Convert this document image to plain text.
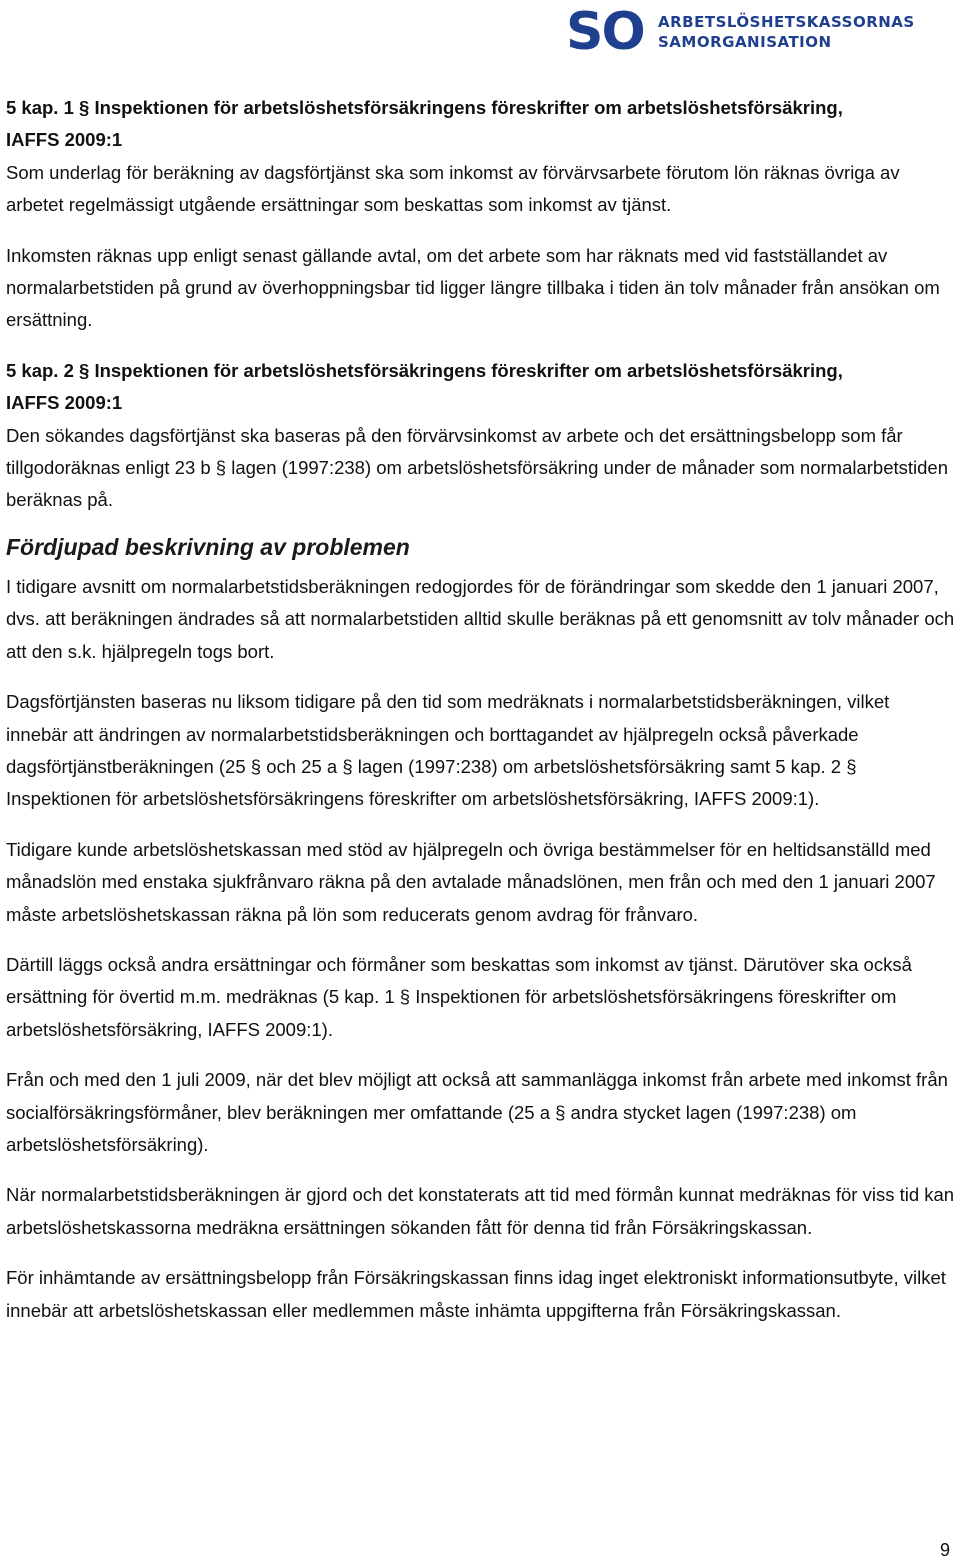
SO ARBETSLÖSHETSKASSORNAS
SAMORGANISATION
5 kap. 1 § Inspektionen för arbetslöshetsförsäkringens föreskrifter om arbetslöshetsförsäkring,
IAFFS 2009:1

Som underlag för beräkning av dagsförtjänst ska som inkomst av förvärvsarbete förutom lön räknas övriga av arbetet regelmässigt utgående ersättningar som beskattas som inkomst av tjänst.

Inkomsten räknas upp enligt senast gällande avtal, om det arbete som har räknats med vid fastställandet av normalarbetstiden på grund av överhoppningsbar tid ligger längre tillbaka i tiden än tolv månader från ansökan om ersättning.

5 kap. 2 § Inspektionen för arbetslöshetsförsäkringens föreskrifter om arbetslöshetsförsäkring,
IAFFS 2009:1

Den sökandes dagsförtjänst ska baseras på den förvärvsinkomst av arbete och det ersättningsbelopp som får tillgodoräknas enligt 23 b § lagen (1997:238) om arbetslöshetsförsäkring under de månader som normalarbetstiden beräknas på.

Fördjupad beskrivning av problemen

I tidigare avsnitt om normalarbetstidsberäkningen redogjordes för de förändringar som skedde den 1 januari 2007, dvs. att beräkningen ändrades så att normalarbetstiden alltid skulle beräknas på ett genomsnitt av tolv månader och att den s.k. hjälpregeln togs bort.

Dagsförtjänsten baseras nu liksom tidigare på den tid som medräknats i normalarbetstidsberäkningen, vilket innebär att ändringen av normalarbetstidsberäkningen och borttagandet av hjälpregeln också påverkade dagsförtjänstberäkningen (25 § och 25 a § lagen (1997:238) om arbetslöshetsförsäkring samt 5 kap. 2 § Inspektionen för arbetslöshetsförsäkringens föreskrifter om arbetslöshetsförsäkring, IAFFS 2009:1).

Tidigare kunde arbetslöshetskassan med stöd av hjälpregeln och övriga bestämmelser för en heltidsanställd med månadslön med enstaka sjukfrånvaro räkna på den avtalade månadslönen, men från och med den 1 januari 2007 måste arbetslöshetskassan räkna på lön som reducerats genom avdrag för frånvaro.

Därtill läggs också andra ersättningar och förmåner som beskattas som inkomst av tjänst. Därutöver ska också ersättning för övertid m.m. medräknas (5 kap. 1 § Inspektionen för arbetslöshetsförsäkringens föreskrifter om arbetslöshetsförsäkring, IAFFS 2009:1).

Från och med den 1 juli 2009, när det blev möjligt att också att sammanlägga inkomst från arbete med inkomst från socialförsäkringsförmåner, blev beräkningen mer omfattande (25 a § andra stycket lagen (1997:238) om arbetslöshetsförsäkring).

När normalarbetstidsberäkningen är gjord och det konstaterats att tid med förmån kunnat medräknas för viss tid kan arbetslöshetskassorna medräkna ersättningen sökanden fått för denna tid från Försäkringskassan.

För inhämtande av ersättningsbelopp från Försäkringskassan finns idag inget elektroniskt informationsutbyte, vilket innebär att arbetslöshetskassan eller medlemmen måste inhämta uppgifterna från Försäkringskassan.

9
